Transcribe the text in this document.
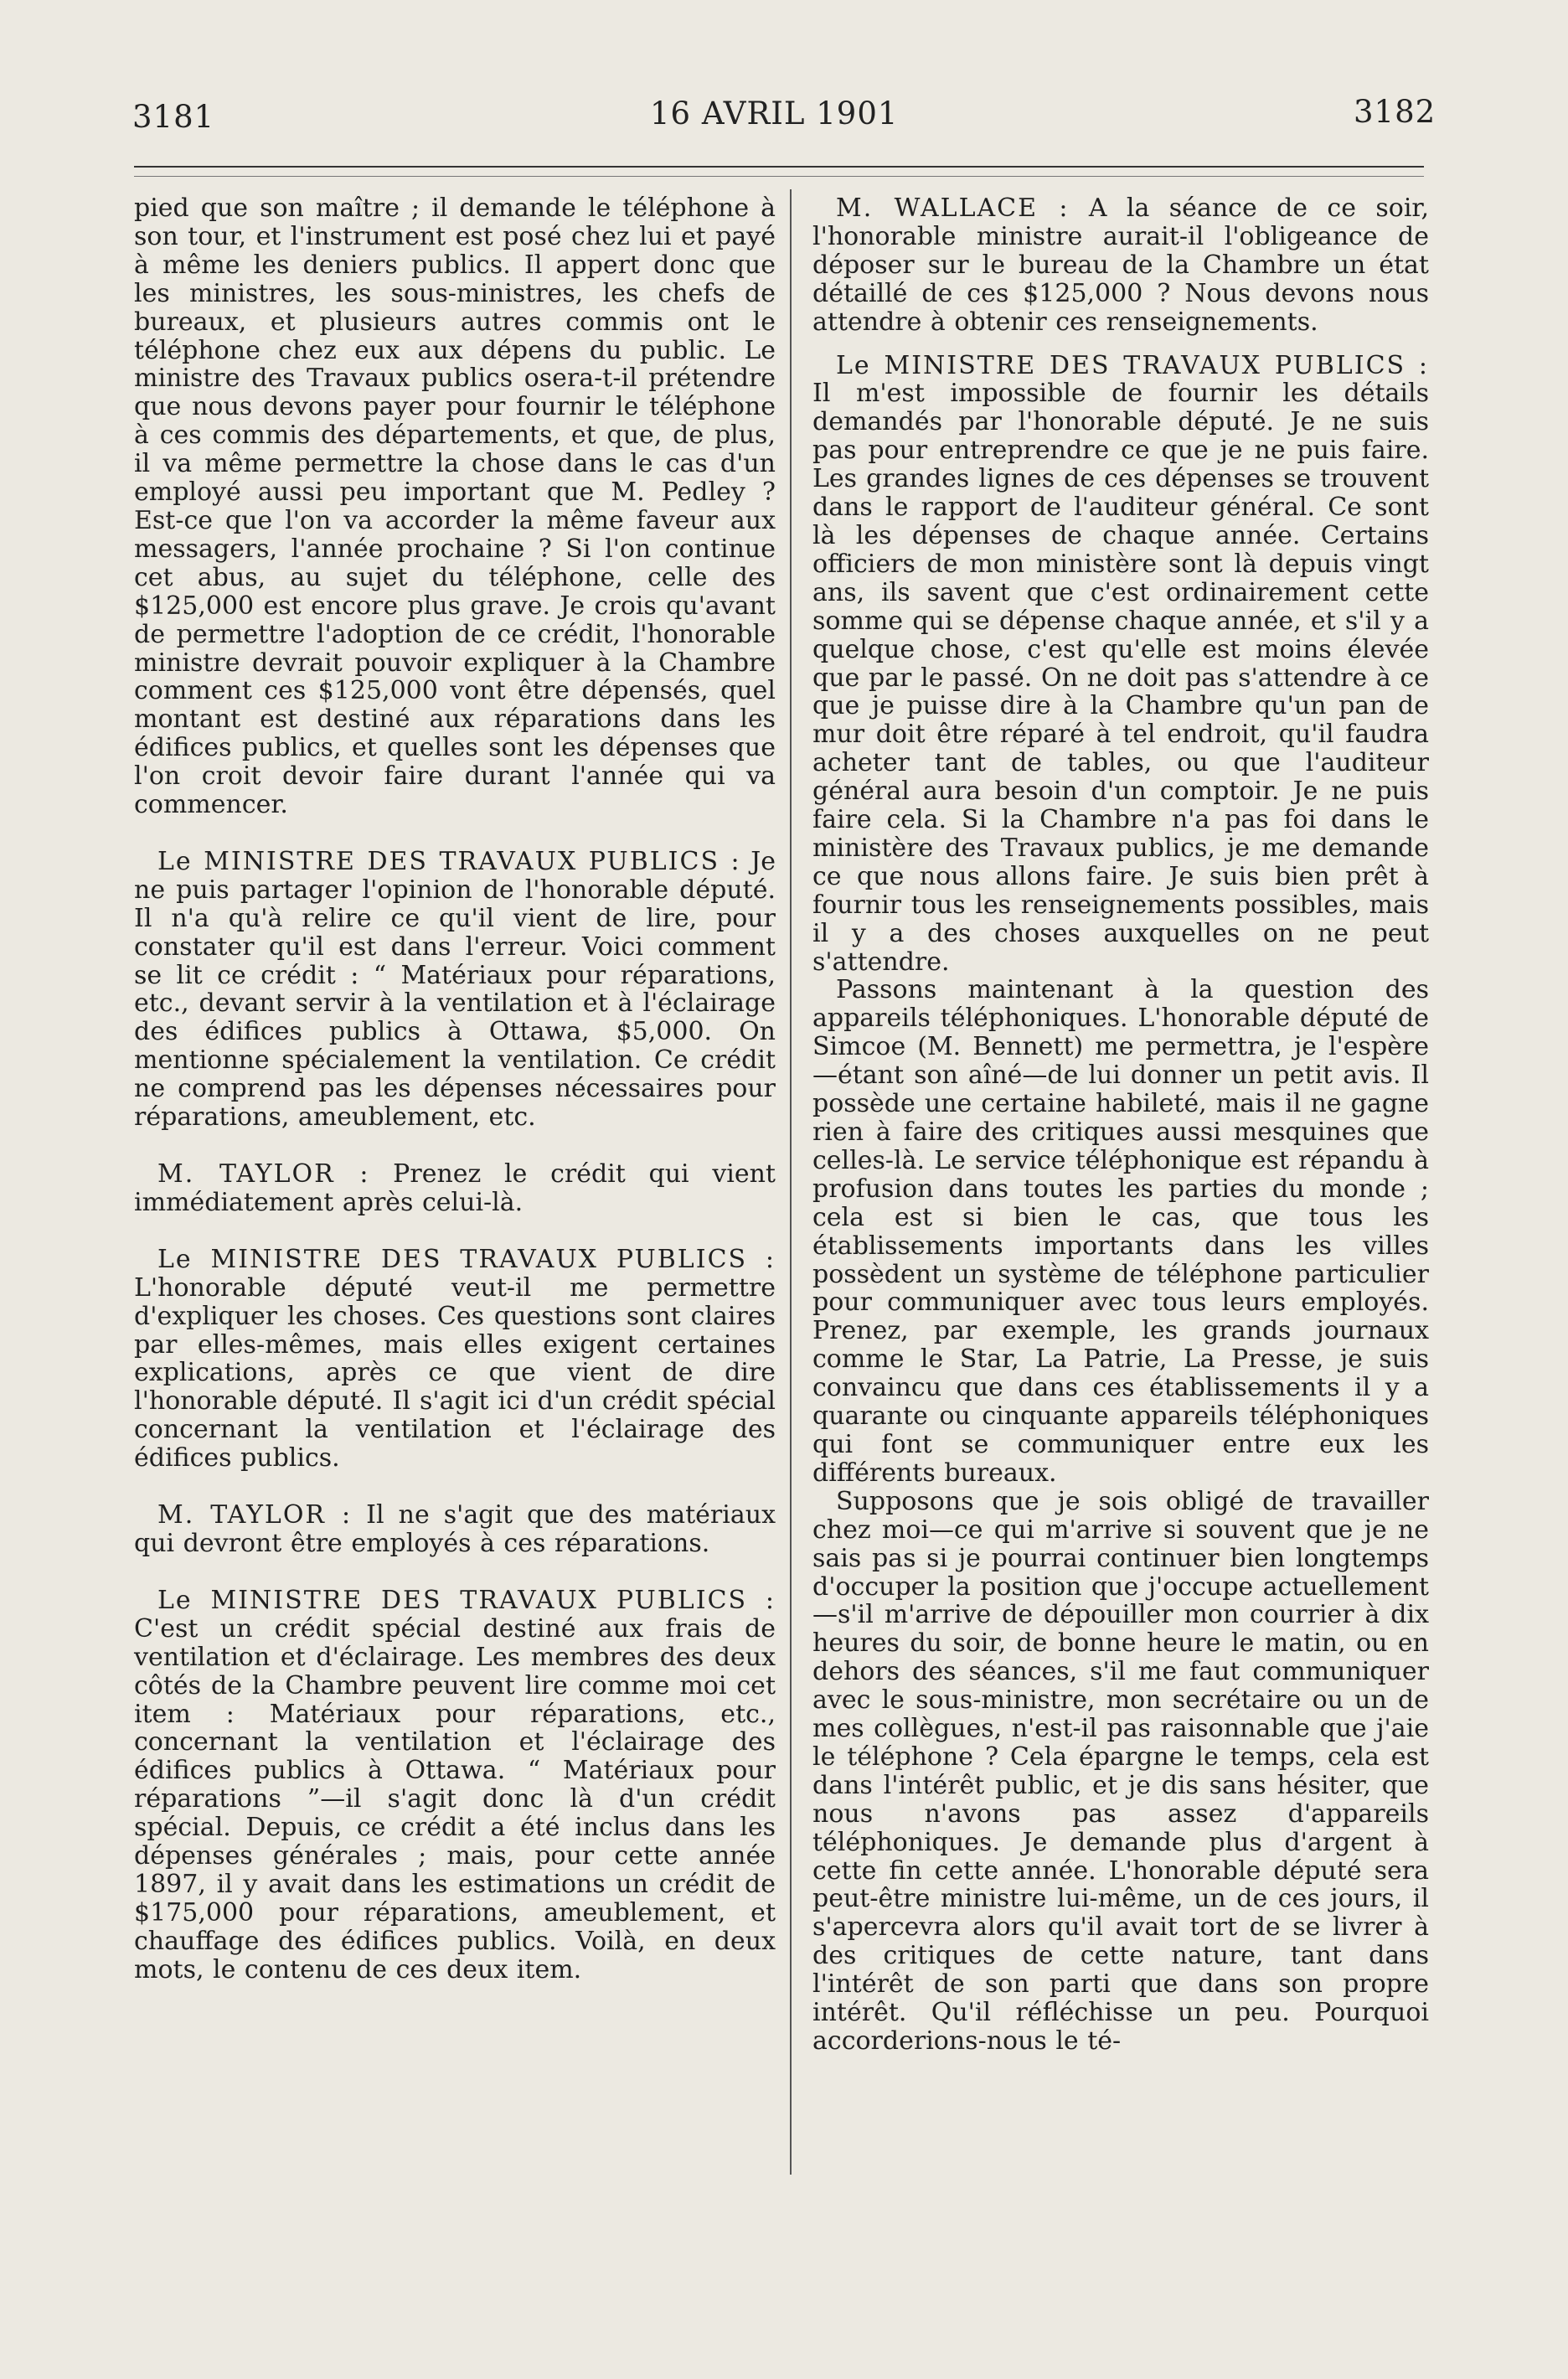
3181	16 AVRIL 1901	3182

pied que son maître ; il demande le téléphone à son tour, et l'instrument est posé chez lui et payé à même les deniers publics. Il appert donc que les ministres, les sous-ministres, les chefs de bureaux, et plusieurs autres commis ont le téléphone chez eux aux dépens du public. Le ministre des Travaux publics osera-t-il prétendre que nous devons payer pour fournir le téléphone à ces commis des départements, et que, de plus, il va même permettre la chose dans le cas d'un employé aussi peu important que M. Pedley ? Est-ce que l'on va accorder la même faveur aux messagers, l'année prochaine ? Si l'on continue cet abus, au sujet du téléphone, celle des $125,000 est encore plus grave. Je crois qu'avant de permettre l'adoption de ce crédit, l'honorable ministre devrait pouvoir expliquer à la Chambre comment ces $125,000 vont être dépensés, quel montant est destiné aux réparations dans les édifices publics, et quelles sont les dépenses que l'on croit devoir faire durant l'année qui va commencer.

Le MINISTRE DES TRAVAUX PUBLICS : Je ne puis partager l'opinion de l'honorable député. Il n'a qu'à relire ce qu'il vient de lire, pour constater qu'il est dans l'erreur. Voici comment se lit ce crédit : “ Matériaux pour réparations, etc., devant servir à la ventilation et à l'éclairage des édifices publics à Ottawa, $5,000. On mentionne spécialement la ventilation. Ce crédit ne comprend pas les dépenses nécessaires pour réparations, ameublement, etc.

M. TAYLOR : Prenez le crédit qui vient immédiatement après celui-là.

Le MINISTRE DES TRAVAUX PUBLICS : L'honorable député veut-il me permettre d'expliquer les choses. Ces questions sont claires par elles-mêmes, mais elles exigent certaines explications, après ce que vient de dire l'honorable député. Il s'agit ici d'un crédit spécial concernant la ventilation et l'éclairage des édifices publics.

M. TAYLOR : Il ne s'agit que des matériaux qui devront être employés à ces réparations.

Le MINISTRE DES TRAVAUX PUBLICS : C'est un crédit spécial destiné aux frais de ventilation et d'éclairage. Les membres des deux côtés de la Chambre peuvent lire comme moi cet item : Matériaux pour réparations, etc., concernant la ventilation et l'éclairage des édifices publics à Ottawa. “ Matériaux pour réparations ”—il s'agit donc là d'un crédit spécial. Depuis, ce crédit a été inclus dans les dépenses générales ; mais, pour cette année 1897, il y avait dans les estimations un crédit de $175,000 pour réparations, ameublement, et chauffage des édifices publics. Voilà, en deux mots, le contenu de ces deux item.

M. WALLACE : A la séance de ce soir, l'honorable ministre aurait-il l'obligeance de déposer sur le bureau de la Chambre un état détaillé de ces $125,000 ? Nous devons nous attendre à obtenir ces renseignements.

Le MINISTRE DES TRAVAUX PUBLICS : Il m'est impossible de fournir les détails demandés par l'honorable député. Je ne suis pas pour entreprendre ce que je ne puis faire. Les grandes lignes de ces dépenses se trouvent dans le rapport de l'auditeur général. Ce sont là les dépenses de chaque année. Certains officiers de mon ministère sont là depuis vingt ans, ils savent que c'est ordinairement cette somme qui se dépense chaque année, et s'il y a quelque chose, c'est qu'elle est moins élevée que par le passé. On ne doit pas s'attendre à ce que je puisse dire à la Chambre qu'un pan de mur doit être réparé à tel endroit, qu'il faudra acheter tant de tables, ou que l'auditeur général aura besoin d'un comptoir. Je ne puis faire cela. Si la Chambre n'a pas foi dans le ministère des Travaux publics, je me demande ce que nous allons faire. Je suis bien prêt à fournir tous les renseignements possibles, mais il y a des choses auxquelles on ne peut s'attendre.

Passons maintenant à la question des appareils téléphoniques. L'honorable député de Simcoe (M. Bennett) me permettra, je l'espère—étant son aîné—de lui donner un petit avis. Il possède une certaine habileté, mais il ne gagne rien à faire des critiques aussi mesquines que celles-là. Le service téléphonique est répandu à profusion dans toutes les parties du monde ; cela est si bien le cas, que tous les établissements importants dans les villes possèdent un système de téléphone particulier pour communiquer avec tous leurs employés. Prenez, par exemple, les grands journaux comme le Star, La Patrie, La Presse, je suis convaincu que dans ces établissements il y a quarante ou cinquante appareils téléphoniques qui font se communiquer entre eux les différents bureaux.

Supposons que je sois obligé de travailler chez moi—ce qui m'arrive si souvent que je ne sais pas si je pourrai continuer bien longtemps d'occuper la position que j'occupe actuellement—s'il m'arrive de dépouiller mon courrier à dix heures du soir, de bonne heure le matin, ou en dehors des séances, s'il me faut communiquer avec le sous-ministre, mon secrétaire ou un de mes collègues, n'est-il pas raisonnable que j'aie le téléphone ? Cela épargne le temps, cela est dans l'intérêt public, et je dis sans hésiter, que nous n'avons pas assez d'appareils téléphoniques. Je demande plus d'argent à cette fin cette année. L'honorable député sera peut-être ministre lui-même, un de ces jours, il s'apercevra alors qu'il avait tort de se livrer à des critiques de cette nature, tant dans l'intérêt de son parti que dans son propre intérêt. Qu'il réfléchisse un peu. Pourquoi accorderions-nous le té-
